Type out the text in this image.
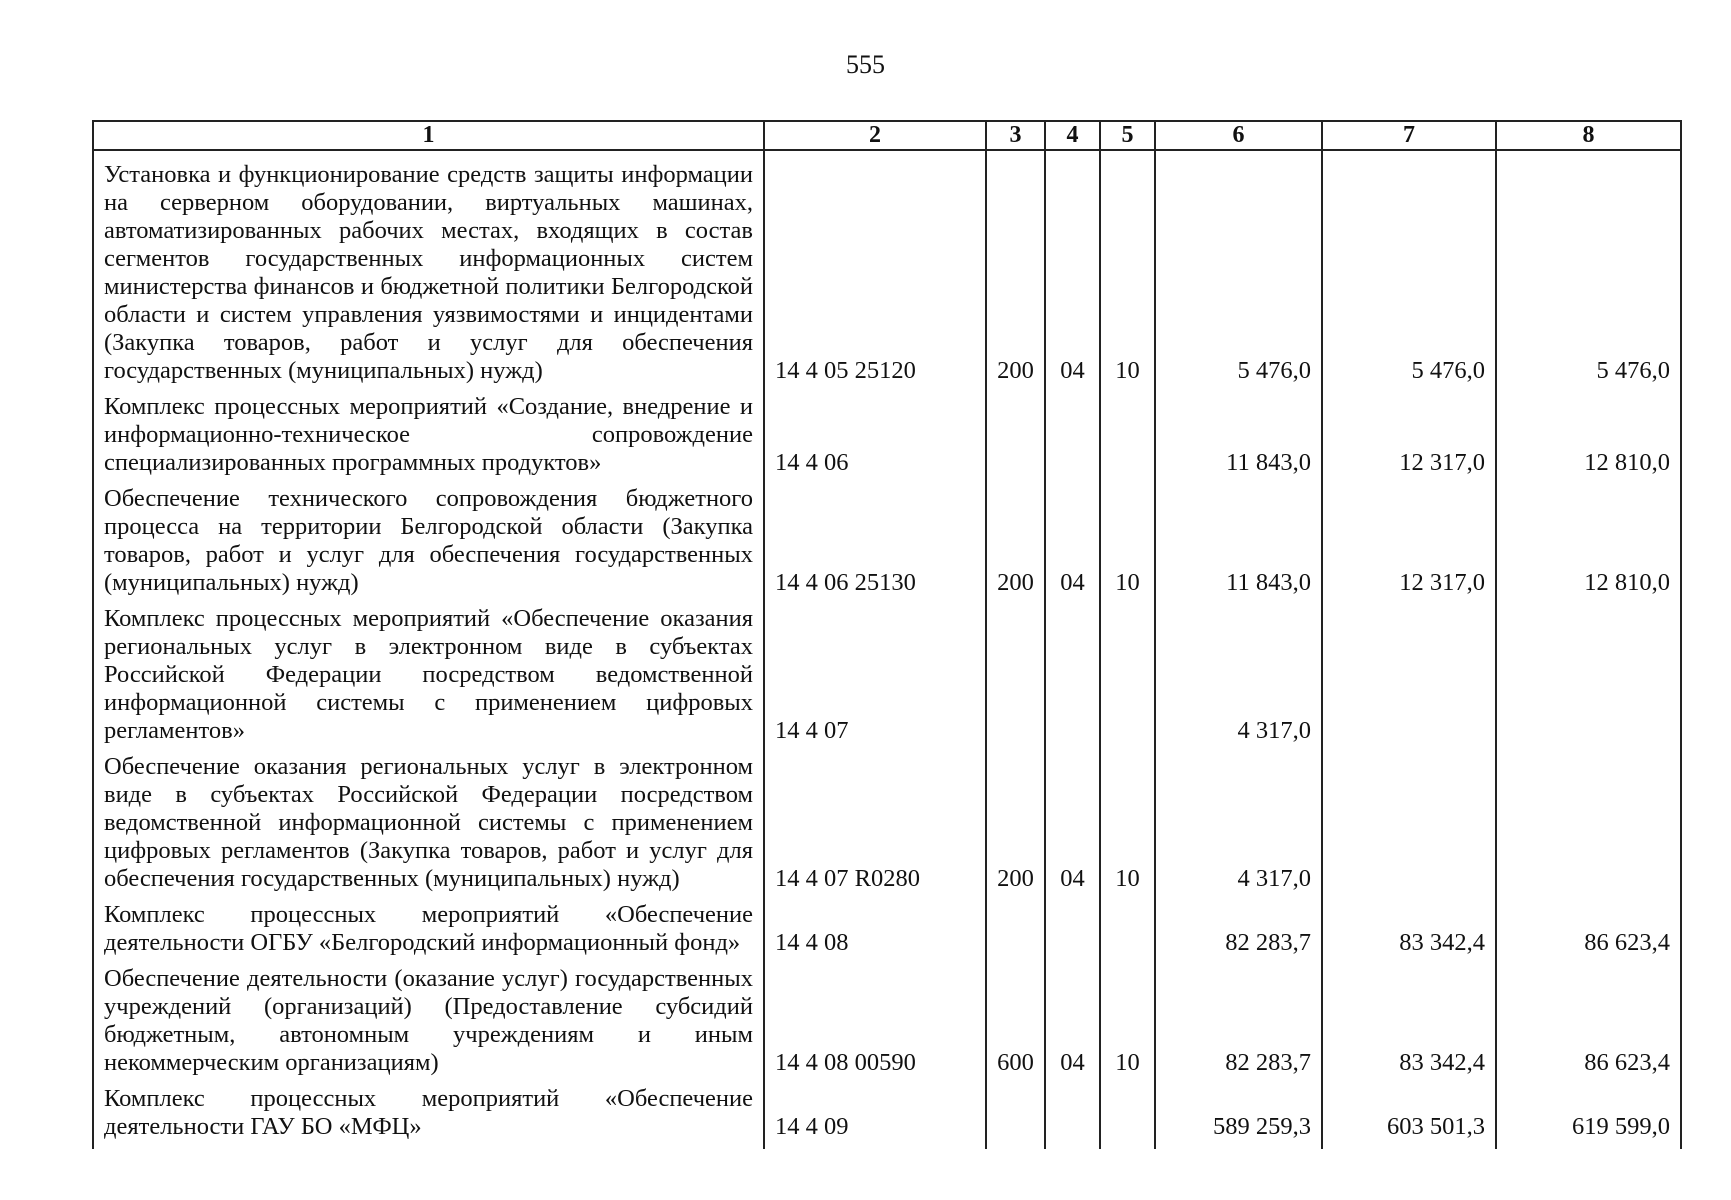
555
1	2	3	4	5	6	7	8
Установка и функционирование средств защиты информации на серверном оборудовании, виртуальных машинах, автоматизированных рабочих местах, входящих в состав сегментов государственных информационных систем министерства финансов и бюджетной политики Белгородской области и систем управления уязвимостями и инцидентами (Закупка товаров, работ и услуг для обеспечения государственных (муниципальных) нужд)	14 4 05 25120	200	04	10	5 476,0	5 476,0	5 476,0
Комплекс процессных мероприятий «Создание, внедрение и информационно-техническое сопровождение специализированных программных продуктов»	14 4 06				11 843,0	12 317,0	12 810,0
Обеспечение технического сопровождения бюджетного процесса на территории Белгородской области (Закупка товаров, работ и услуг для обеспечения государственных (муниципальных) нужд)	14 4 06 25130	200	04	10	11 843,0	12 317,0	12 810,0
Комплекс процессных мероприятий «Обеспечение оказания региональных услуг в электронном виде в субъектах Российской Федерации посредством ведомственной информационной системы с применением цифровых регламентов»	14 4 07				4 317,0		
Обеспечение оказания региональных услуг в электронном виде в субъектах Российской Федерации посредством ведомственной информационной системы с применением цифровых регламентов (Закупка товаров, работ и услуг для обеспечения государственных (муниципальных) нужд)	14 4 07 R0280	200	04	10	4 317,0		
Комплекс процессных мероприятий «Обеспечение деятельности ОГБУ «Белгородский информационный фонд»	14 4 08				82 283,7	83 342,4	86 623,4
Обеспечение деятельности (оказание услуг) государственных учреждений (организаций) (Предоставление субсидий бюджетным, автономным учреждениям и иным некоммерческим организациям)	14 4 08 00590	600	04	10	82 283,7	83 342,4	86 623,4
Комплекс процессных мероприятий «Обеспечение деятельности ГАУ БО «МФЦ»	14 4 09				589 259,3	603 501,3	619 599,0
